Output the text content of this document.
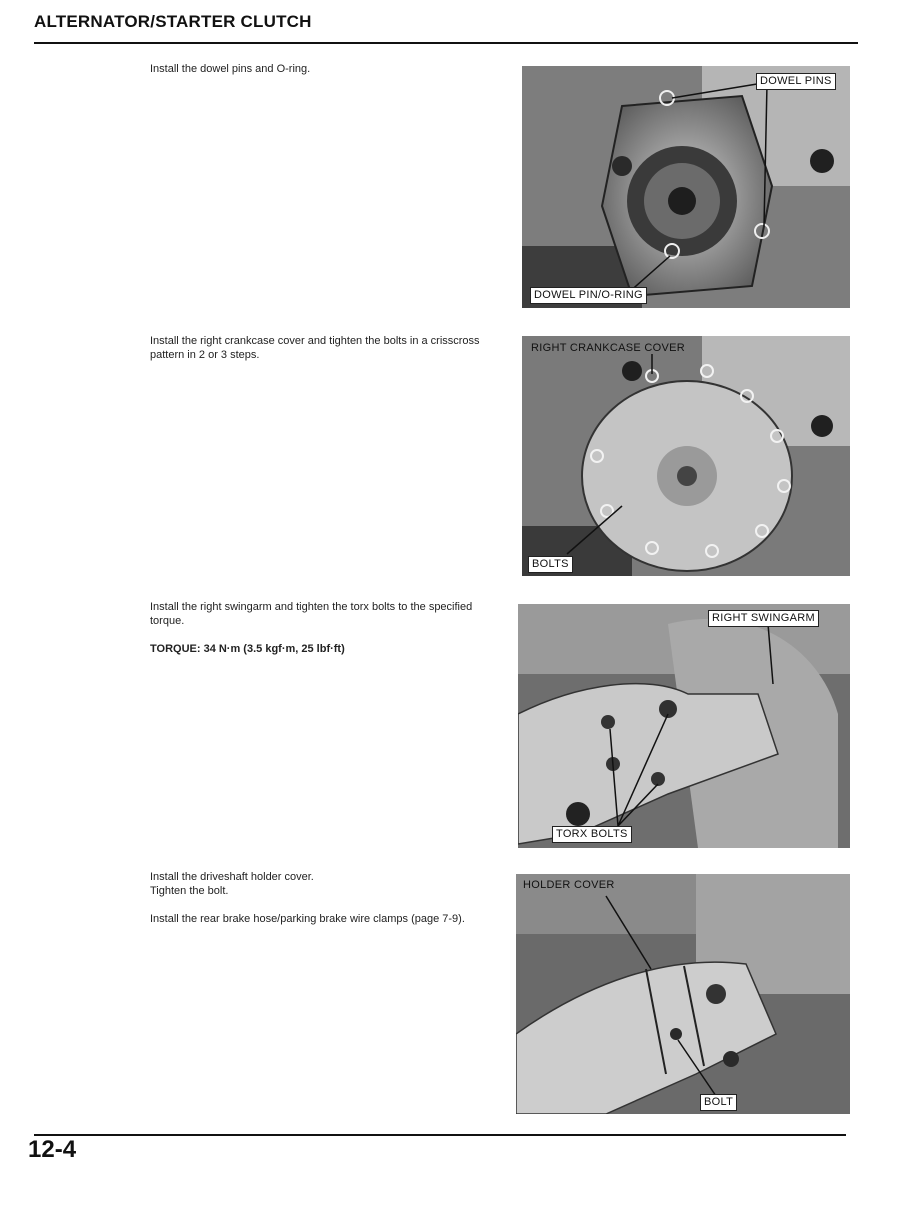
ALTERNATOR/STARTER CLUTCH

Install the dowel pins and O-ring.

DOWEL PINS
DOWEL PIN/O-RING

Install the right crankcase cover and tighten the bolts in a crisscross pattern in 2 or 3 steps.

RIGHT CRANKCASE COVER
BOLTS

Install the right swingarm and tighten the torx bolts to the specified torque.

TORQUE: 34 N·m (3.5 kgf·m, 25 lbf·ft)
RIGHT SWINGARM
TORX BOLTS

Install the driveshaft holder cover.
Tighten the bolt.

Install the rear brake hose/parking brake wire clamps (page 7-9).

HOLDER COVER
BOLT
12-4
